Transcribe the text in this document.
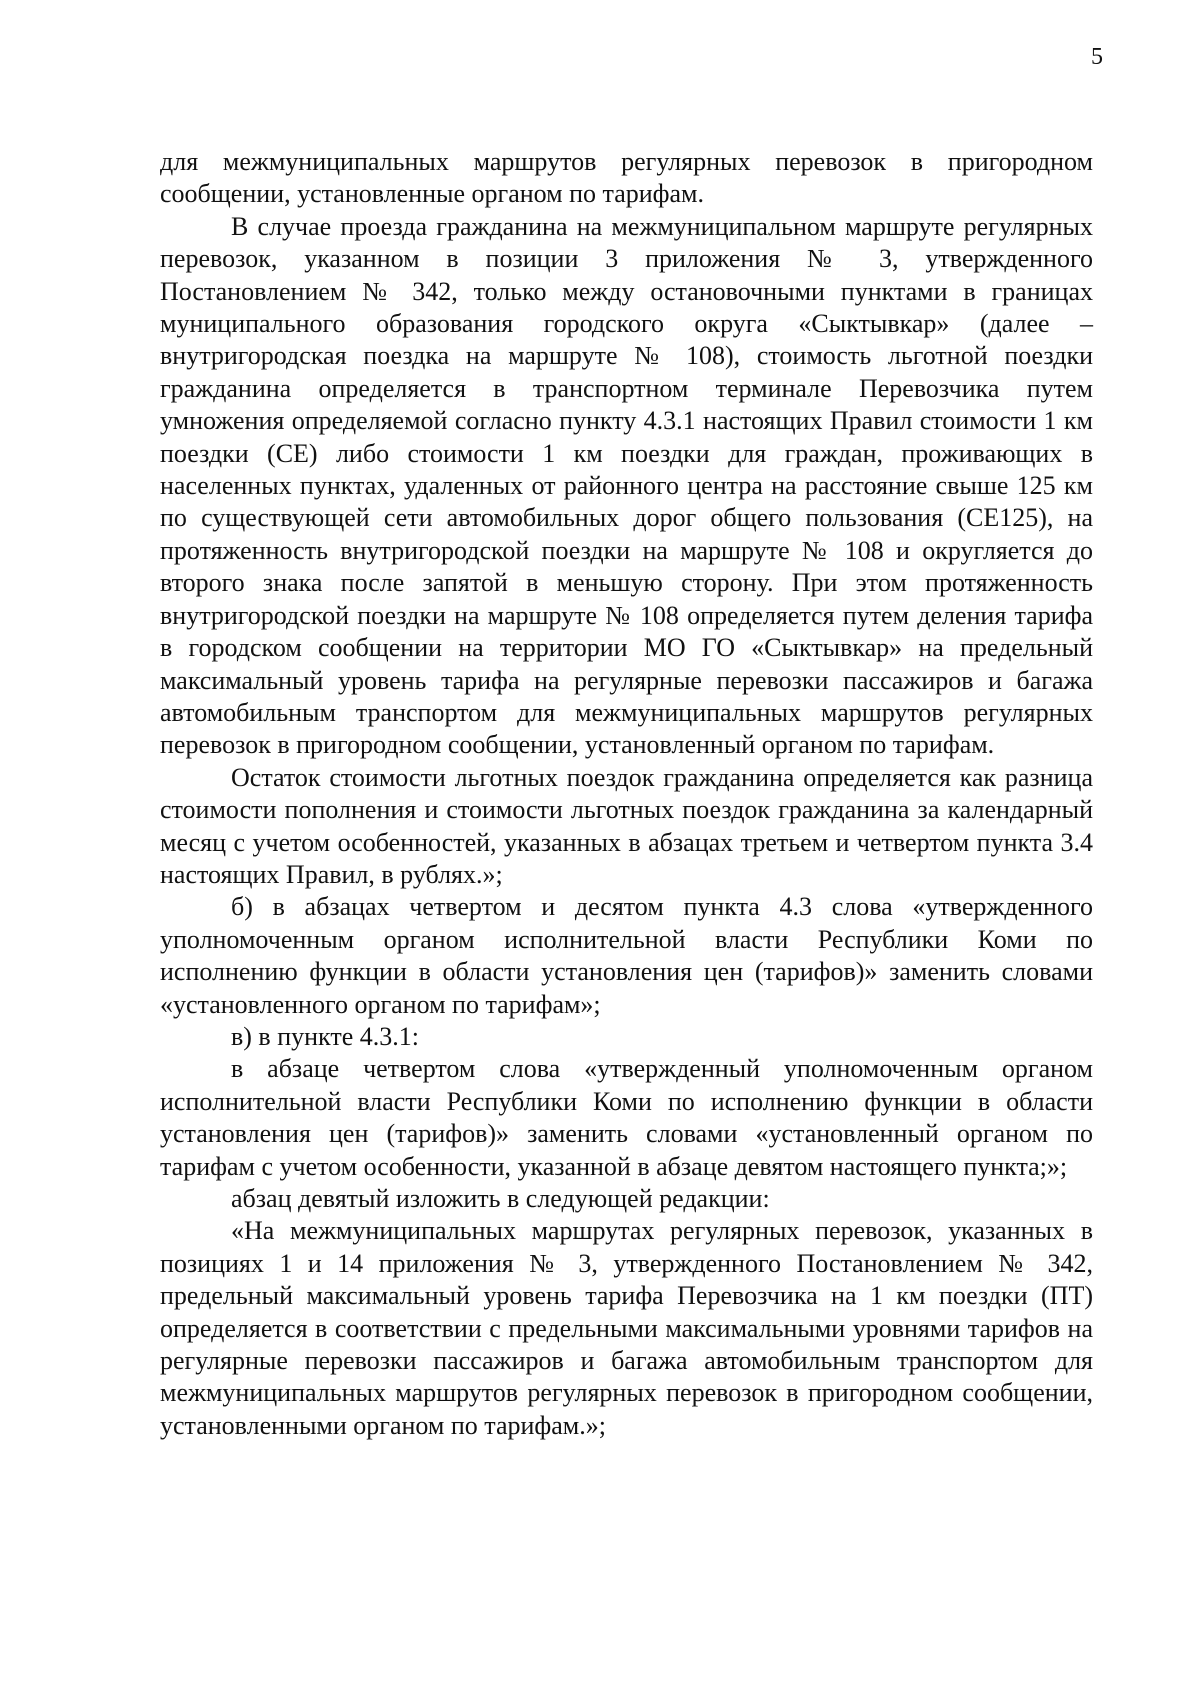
5

для межмуниципальных маршрутов регулярных перевозок в пригородном сообщении, установленные органом по тарифам.

В случае проезда гражданина на межмуниципальном маршруте регулярных перевозок, указанном в позиции 3 приложения № 3, утвержденного Постановлением № 342, только между остановочными пунктами в границах муниципального образования городского округа «Сыктывкар» (далее – внутригородская поездка на маршруте № 108), стоимость льготной поездки гражданина определяется в транспортном терминале Перевозчика путем умножения определяемой согласно пункту 4.3.1 настоящих Правил стоимости 1 км поездки (СЕ) либо стоимости 1 км поездки для граждан, проживающих в населенных пунктах, удаленных от районного центра на расстояние свыше 125 км по существующей сети автомобильных дорог общего пользования (СЕ125), на протяженность внутригородской поездки на маршруте № 108 и округляется до второго знака после запятой в меньшую сторону. При этом протяженность внутригородской поездки на маршруте № 108 определяется путем деления тарифа в городском сообщении на территории МО ГО «Сыктывкар» на предельный максимальный уровень тарифа на регулярные перевозки пассажиров и багажа автомобильным транспортом для межмуниципальных маршрутов регулярных перевозок в пригородном сообщении, установленный органом по тарифам.

Остаток стоимости льготных поездок гражданина определяется как разница стоимости пополнения и стоимости льготных поездок гражданина за календарный месяц с учетом особенностей, указанных в абзацах третьем и четвертом пункта 3.4 настоящих Правил, в рублях.»;

б) в абзацах четвертом и десятом пункта 4.3 слова «утвержденного уполномоченным органом исполнительной власти Республики Коми по исполнению функции в области установления цен (тарифов)» заменить словами «установленного органом по тарифам»;

в) в пункте 4.3.1:

в абзаце четвертом слова «утвержденный уполномоченным органом исполнительной власти Республики Коми по исполнению функции в области установления цен (тарифов)» заменить словами «установленный органом по тарифам с учетом особенности, указанной в абзаце девятом настоящего пункта;»;

абзац девятый изложить в следующей редакции:

«На межмуниципальных маршрутах регулярных перевозок, указанных в позициях 1 и 14 приложения № 3, утвержденного Постановлением № 342, предельный максимальный уровень тарифа Перевозчика на 1 км поездки (ПТ) определяется в соответствии с предельными максимальными уровнями тарифов на регулярные перевозки пассажиров и багажа автомобильным транспортом для межмуниципальных маршрутов регулярных перевозок в пригородном сообщении, установленными органом по тарифам.»;
